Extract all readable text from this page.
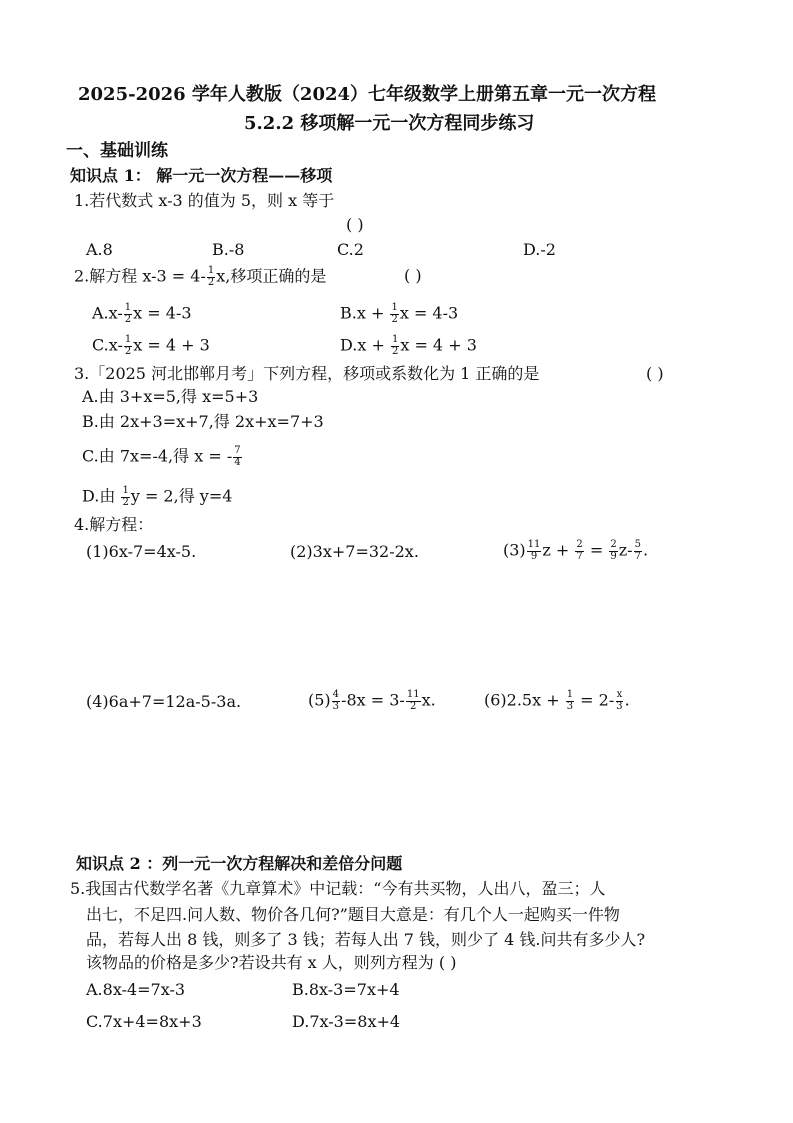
2025-2026 学年人教版（2024）七年级数学上册第五章一元一次方程
5.2.2 移项解一元一次方程同步练习
一、基础训练
知识点 1： 解一元一次方程——移项
1.若代数式 x-3 的值为 5，则 x 等于
( )
A.8	B.-8	C.2	D.-2
2.解方程 $x-3 = 4- \frac{1}{2} x$,移项正确的是	( )
$A.x- \frac{1}{2}$ x = 4-3	$B.x + \frac{1}{2}$ x = 4-3
$C.x- \frac{1}{2}$ x = 4 + 3	$D.x + \frac{1}{2}$ x = 4 + 3
3.「2025 河北邯郸月考」下列方程，移项或系数化为 1 正确的是	( )
A.由 3+x=5,得 x=5+3
B.由 2x+3=x+7,得 2x+x=7+3
C.由 7x=-4,得 x = - $\frac{7}{4}$
D.由 $\frac{1}{2}$ y = 2,得 y=4
4.解方程：
(1)6x-7=4x-5.	(2)3x+7=32-2x.	$(3) \frac{11}{9}$ $z + \frac{2}{7} = \frac{2}{9} z- \frac{5}{7}$ .
(4)6a+7=12a-5-3a.	$(5) \frac{4}{3} -8x = 3- \frac{11}{2} x$.	$(6)2.5x + \frac{1}{3} = 2- \frac{x}{3}$ .
知识点 2 ：列一元一次方程解决和差倍分问题
5.我国古代数学名著《九章算术》中记载：“今有共买物，人出八，盈三；人
出七，不足四.问人数、物价各几何?”题目大意是：有几个人一起购买一件物
品，若每人出 8 钱，则多了 3 钱；若每人出 7 钱，则少了 4 钱.问共有多少人?
该物品的价格是多少?若设共有 x 人，则列方程为 ( )
A.8x-4=7x-3	B.8x-3=7x+4
C.7x+4=8x+3	D.7x-3=8x+4
